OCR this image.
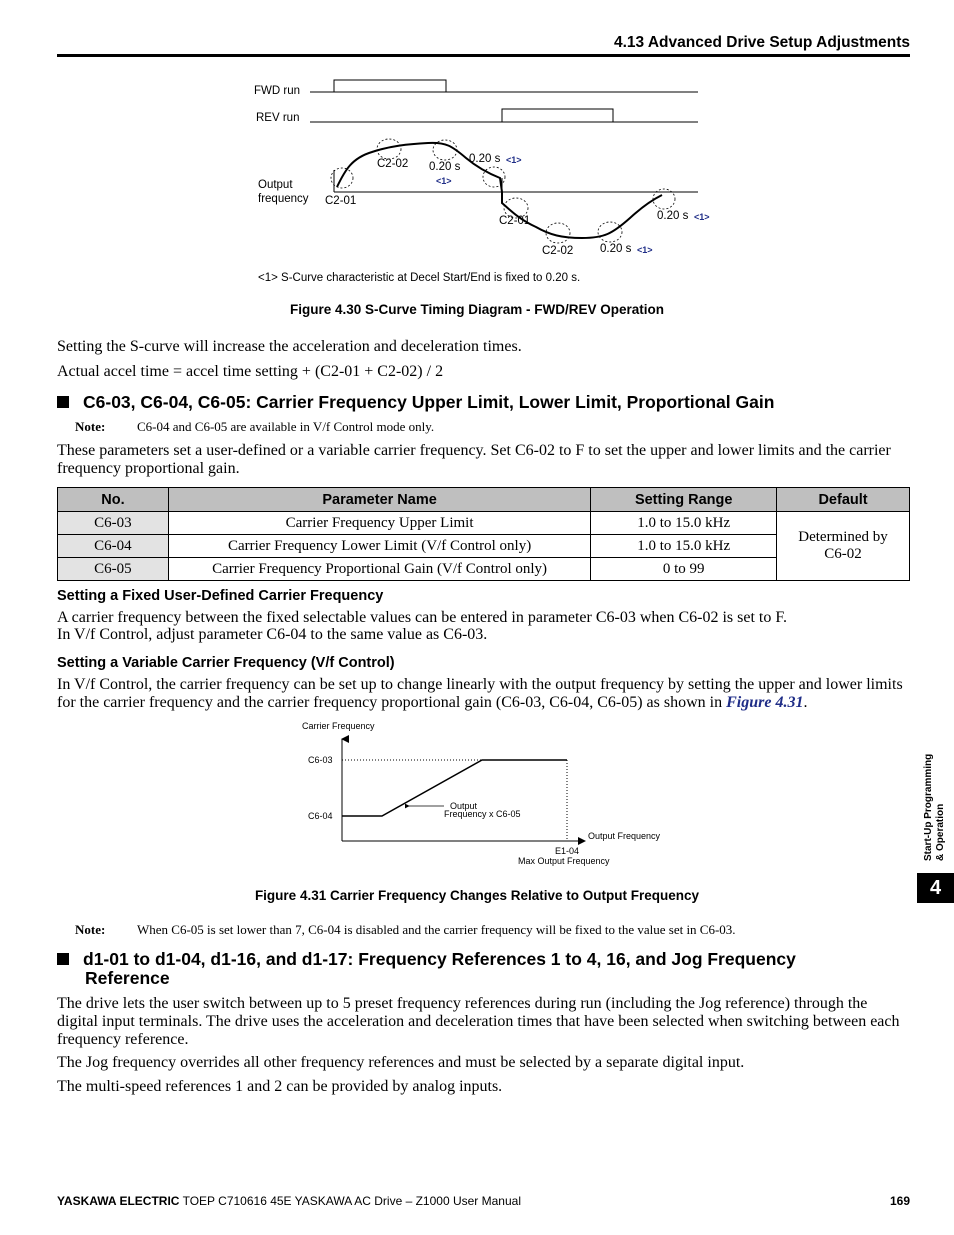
4.13 Advanced Drive Setup Adjustments
FWD run
REV run
Output
frequency C2-01
C2-02 0.20 s
<1>
0.20 s <1>
C2-01
C2-02 0.20 s <1>
0.20 s <1>
<1> S-Curve characteristic at Decel Start/End is fixed to 0.20 s.
Figure 4.30 S-Curve Timing Diagram - FWD/REV Operation
Setting the S-curve will increase the acceleration and deceleration times.
Actual accel time = accel time setting + (C2-01 + C2-02) / 2
C6-03, C6-04, C6-05: Carrier Frequency Upper Limit, Lower Limit, Proportional Gain
Note: C6-04 and C6-05 are available in V/f Control mode only.
These parameters set a user-defined or a variable carrier frequency. Set C6-02 to F to set the upper and lower limits and the carrier frequency proportional gain.
No.	Parameter Name	Setting Range	Default
C6-03	Carrier Frequency Upper Limit	1.0 to 15.0 kHz	Determined by
C6-02
C6-04	Carrier Frequency Lower Limit (V/f Control only)	1.0 to 15.0 kHz	
C6-05	Carrier Frequency Proportional Gain (V/f Control only)	0 to 99	
Setting a Fixed User-Defined Carrier Frequency
A carrier frequency between the fixed selectable values can be entered in parameter C6-03 when C6-02 is set to F.
In V/f Control, adjust parameter C6-04 to the same value as C6-03.
Setting a Variable Carrier Frequency (V/f Control)
In V/f Control, the carrier frequency can be set up to change linearly with the output frequency by setting the upper and lower limits for the carrier frequency and the carrier frequency proportional gain (C6-03, C6-04, C6-05) as shown in Figure 4.31.
Carrier Frequency
C6-03
C6-04
Output
Frequency x C6-05
Output Frequency
E1-04
Max Output Frequency
Figure 4.31 Carrier Frequency Changes Relative to Output Frequency
Note: When C6-05 is set lower than 7, C6-04 is disabled and the carrier frequency will be fixed to the value set in C6-03.
d1-01 to d1-04, d1-16, and d1-17: Frequency References 1 to 4, 16, and Jog Frequency
Reference
The drive lets the user switch between up to 5 preset frequency references during run (including the Jog reference) through the digital input terminals. The drive uses the acceleration and deceleration times that have been selected when switching between each frequency reference.
The Jog frequency overrides all other frequency references and must be selected by a separate digital input.
The multi-speed references 1 and 2 can be provided by analog inputs.
Start-Up Programming
& Operation
4
YASKAWA ELECTRIC TOEP C710616 45E YASKAWA AC Drive – Z1000 User Manual	169
